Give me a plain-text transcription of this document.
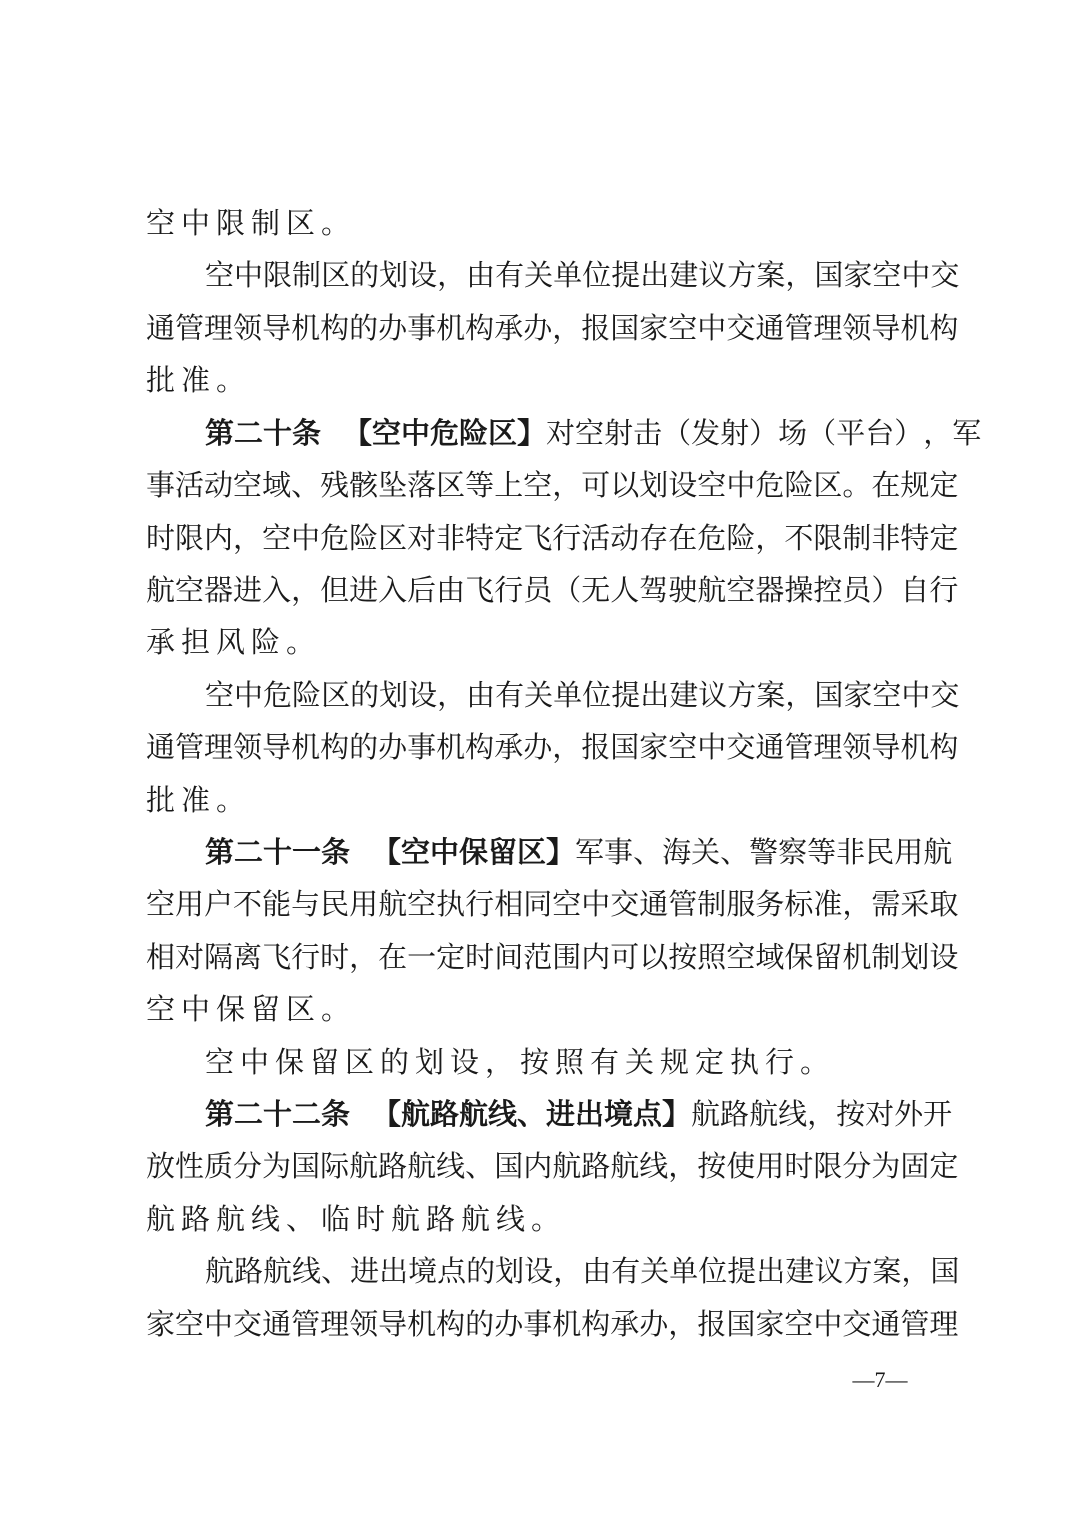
空中限制区。
空 中 限 制 区 的 划 设 ， 由 有 关 单 位 提 出 建 议 方 案 ， 国 家 空 中 交
通 管 理 领 导 机 构 的 办 事 机 构 承 办 ， 报 国 家 空 中 交 通 管 理 领 导 机 构
批准。
第二十条 【空中危险区】 对 空 射 击 （ 发 射 ） 场 （ 平 台 ） ， 军
事 活 动 空 域 、 残 骸 坠 落 区 等 上 空 ， 可 以 划 设 空 中 危 险 区 。 在 规 定
时 限 内 ， 空 中 危 险 区 对 非 特 定 飞 行 活 动 存 在 危 险 ， 不 限 制 非 特 定
航 空 器 进 入 ， 但 进 入 后 由 飞 行 员 （ 无 人 驾 驶 航 空 器 操 控 员 ） 自 行
承担风险。
空 中 危 险 区 的 划 设 ， 由 有 关 单 位 提 出 建 议 方 案 ， 国 家 空 中 交
通 管 理 领 导 机 构 的 办 事 机 构 承 办 ， 报 国 家 空 中 交 通 管 理 领 导 机 构
批准。
第二十一条 【空中保留区】 军 事 、 海 关 、 警 察 等 非 民 用 航
空 用 户 不 能 与 民 用 航 空 执 行 相 同 空 中 交 通 管 制 服 务 标 准 ， 需 采 取
相 对 隔 离 飞 行 时 ， 在 一 定 时 间 范 围 内 可 以 按 照 空 域 保 留 机 制 划 设
空中保留区。
空中保留区的划设，按照有关规定执行。
第二十二条 【航路航线、进出境点】 航 路 航 线 ， 按 对 外 开
放 性 质 分 为 国 际 航 路 航 线 、 国 内 航 路 航 线 ， 按 使 用 时 限 分 为 固 定
航路航线、临时航路航线。
航 路 航 线 、 进 出 境 点 的 划 设 ， 由 有 关 单 位 提 出 建 议 方 案 ， 国
家 空 中 交 通 管 理 领 导 机 构 的 办 事 机 构 承 办 ， 报 国 家 空 中 交 通 管 理
—7—
